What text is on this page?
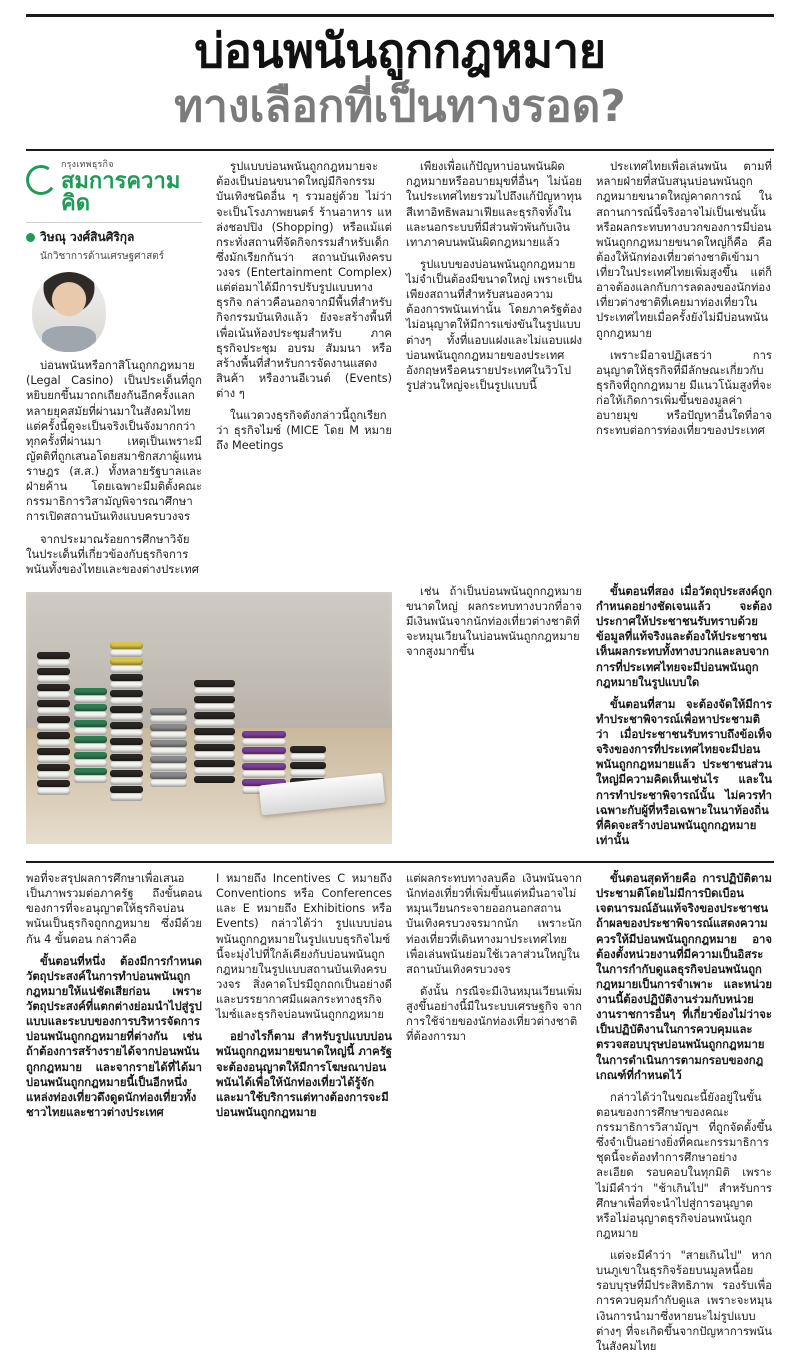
บ่อนพนันถูกกฎหมาย
ทางเลือกที่เป็นทางรอด?
กรุงเทพธุรกิจ
สมการความคิด
วิษณุ วงศ์สินศิริกุล
นักวิชาการด้านเศรษฐศาสตร์

บ่อนพนันหรือกาสิโนถูกกฎหมาย (Legal Casino) เป็นประเด็นที่ถูกหยิบยกขึ้นมาถกเถียงกันอีกครั้งแลกหลายยุคสมัยที่ผ่านมาในสังคมไทย แต่ครั้งนี้ดูจะเป็นจริงเป็นจังมากกว่าทุกครั้งที่ผ่านมา เหตุเป็นเพราะมีญัตติที่ถูกเสนอโดยสมาชิกสภาผู้แทนราษฎร (ส.ส.) ทั้งหลายรัฐบาลและฝ่ายค้าน โดยเฉพาะมีมติตั้งคณะกรรมาธิการวิสามัญพิจารณาศึกษาการเปิดสถานบันเทิงแบบครบวงจร

จากประมาณร้อยการศึกษาวิจัยในประเด็นที่เกี่ยวข้องกับธุรกิจการพนันทั้งของไทยและของต่างประเทศ

รูปแบบบ่อนพนันถูกกฎหมายจะต้องเป็นบ่อนขนาดใหญ่มีกิจกรรมบันเทิงชนิดอื่น ๆ รวมอยู่ด้วย ไม่ว่าจะเป็นโรงภาพยนตร์ ร้านอาหาร แหล่งชอปปิง (Shopping) หรือแม้แต่กระทั่งสถานที่จัดกิจกรรมสำหรับเด็กซึ่งมักเรียกกันว่า สถานบันเทิงครบวงจร (Entertainment Complex) แต่ต่อมาได้มีการปรับรูปแบบทางธุรกิจ กล่าวคือนอกจากมีพื้นที่สำหรับกิจกรรมบันเทิงแล้ว ยังจะสร้างพื้นที่เพื่อเน้นห้องประชุมสำหรับ ภาคธุรกิจประชุม อบรม สัมมนา หรือสร้างพื้นที่สำหรับการจัดงานแสดงสินค้า หรืองานอีเวนต์ (Events) ต่าง ๆ

ในแวดวงธุรกิจดังกล่าวนี้ถูกเรียกว่า ธุรกิจไมซ์ (MICE โดย M หมายถึง Meetings

เพียงเพื่อแก้ปัญหาบ่อนพนันผิดกฎหมายหรืออบายมุขที่อื่นๆ ไม่น้อยในประเทศไทยรวมไปถึงแก้ปัญหาทุนสีเทาอิทธิพลมาเฟียและธุรกิจทั้งในและนอกระบบที่มีส่วนพัวพันกับเงินเทาภาคบนพนันผิดกฎหมายแล้ว

รูปแบบของบ่อนพนันถูกกฎหมายไม่จำเป็นต้องมีขนาดใหญ่ เพราะเป็นเพียงสถานที่สำหรับสนองความต้องการพนันเท่านั้น โดยภาครัฐต้องไม่อนุญาตให้มีการแข่งขันในรูปแบบต่างๆ ทั้งที่แอบแฝงและไม่แอบแฝง บ่อนพนันถูกกฎหมายของประเทศอังกฤษหรือคนรายประเทศในวิวโปรูปส่วนใหญ่จะเป็นรูปแบบนี้

ประเทศไทยเพื่อเล่นพนัน ตามที่หลายฝ่ายที่สนับสนุนบ่อนพนันถูกกฎหมายขนาดใหญ่คาดการณ์ ในสถานการณ์นี้จริงอาจไม่เป็นเช่นนั้น หรือผลกระทบทางบวกของการมีบ่อนพนันถูกกฎหมายขนาดใหญ่ก็คือ คือต้องให้นักท่องเที่ยวต่างชาติเข้ามาเที่ยวในประเทศไทยเพิ่มสูงขึ้น แต่ก็อาจต้องแลกกับการลดลงของนักท่องเที่ยวต่างชาติที่เคยมาท่องเที่ยวในประเทศไทยเมื่อครั้งยังไม่มีบ่อนพนันถูกกฎหมาย

เพราะมีอาจปฏิเสธว่า การอนุญาตให้ธุรกิจที่มีลักษณะเกี่ยวกับธุรกิจที่ถูกกฎหมาย มีแนวโน้มสูงที่จะก่อให้เกิดการเพิ่มขึ้นของมูลค่าอบายมุข หรือปัญหาอื่นใดที่อาจกระทบต่อการท่องเที่ยวของประเทศ

เช่น ถ้าเป็นบ่อนพนันถูกกฎหมายขนาดใหญ่ ผลกระทบทางบวกที่อาจมีเงินพนันจากนักท่องเที่ยวต่างชาติที่จะหมุนเวียนในบ่อนพนันถูกกฎหมายจากสูงมากขึ้น

ขั้นตอนที่สอง เมื่อวัตถุประสงค์ถูกกำหนดอย่างชัดเจนแล้ว จะต้องประกาศให้ประชาชนรับทราบด้วยข้อมูลที่แท้จริงและต้องให้ประชาชนเห็นผลกระทบทั้งทางบวกและลบจากการที่ประเทศไทยจะมีบ่อนพนันถูกกฎหมายในรูปแบบใด

ขั้นตอนที่สาม จะต้องจัดให้มีการทำประชาพิจารณ์เพื่อหาประชามติว่า เมื่อประชาชนรับทราบถึงข้อเท็จจริงของการที่ประเทศไทยจะมีบ่อนพนันถูกกฎหมายแล้ว ประชาชนส่วนใหญ่มีความคิดเห็นเช่นไร และในการทำประชาพิจารณ์นั้น ไม่ควรทำเฉพาะกับผู้ที่หรือเฉพาะในนาท้องถิ่นที่คิดจะสร้างบ่อนพนันถูกกฎหมายเท่านั้น

พอที่จะสรุปผลการศึกษาเพื่อเสนอเป็นภาพรวมต่อภาครัฐ ถึงขั้นตอนของการที่จะอนุญาตให้ธุรกิจบ่อนพนันเป็นธุรกิจถูกกฎหมาย ซึ่งมีด้วยกัน 4 ขั้นตอน กล่าวคือ

ขั้นตอนที่หนึ่ง ต้องมีการกำหนดวัตถุประสงค์ในการทำบ่อนพนันถูกกฎหมายให้แน่ชัดเสียก่อน เพราะวัตถุประสงค์ที่แตกต่างย่อมนำไปสู่รูปแบบและระบบของการบริหารจัดการบ่อนพนันถูกกฎหมายที่ต่างกัน เช่น ถ้าต้องการสร้างรายได้จากบ่อนพนันถูกกฎหมาย และจากรายได้ที่ได้มา บ่อนพนันถูกกฎหมายนี้เป็นอีกหนึ่งแหล่งท่องเที่ยวดึงดูดนักท่องเที่ยวทั้งชาวไทยและชาวต่างประเทศ

I หมายถึง Incentives C หมายถึง Conventions หรือ Conferences และ E หมายถึง Exhibitions หรือ Events) กล่าวได้ว่า รูปแบบบ่อนพนันถูกกฎหมายในรูปแบบธุรกิจไมซ์นี้จะมุ่งไปที่ใกล้เคียงกับบ่อนพนันถูกกฎหมายในรูปแบบสถานบันเทิงครบวงจร สิ่งคาดโปรมีถูกถกเป็นอย่างดีและบรรยากาศมีแผลกระทางธุรกิจไมซ์และธุรกิจบ่อนพนันถูกกฎหมาย

อย่างไรก็ตาม สำหรับรูปแบบบ่อนพนันถูกกฎหมายขนาดใหญ่นี้ ภาครัฐจะต้องอนุญาตให้มีการโฆษณาบ่อนพนันได้เพื่อให้นักท่องเที่ยวได้รู้จักและมาใช้บริการแต่ทางต้องการจะมีบ่อนพนันถูกกฎหมาย

แต่ผลกระทบทางลบคือ เงินพนันจากนักท่องเที่ยวที่เพิ่มขึ้นแต่หมื่นอาจไม่หมุนเวียนกระจายออกนอกสถานบันเทิงครบวงจรมากนัก เพราะนักท่องเที่ยวที่เดินทางมาประเทศไทยเพื่อเล่นพนันย่อมใช้เวลาส่วนใหญ่ในสถานบันเทิงครบวงจร

ดังนั้น กรณีจะมีเงินหมุนเวียนเพิ่มสูงขึ้นอย่างนี้มีในระบบเศรษฐกิจ จากการใช้จ่ายของนักท่องเที่ยวต่างชาติที่ต้องการมา

ขั้นตอนสุดท้ายคือ การปฏิบัติตามประชามติโดยไม่มีการบิดเบือนเจตนารมณ์อันแท้จริงของประชาชน ถ้าผลของประชาพิจารณ์แสดงความควรให้มีบ่อนพนันถูกกฎหมาย อาจต้องตั้งหน่วยงานที่มีความเป็นอิสระในการกำกับดูแลธุรกิจบ่อนพนันถูกกฎหมายเป็นการจำเพาะ และหน่วยงานนี้ต้องปฏิบัติงานร่วมกับหน่วยงานราชการอื่นๆ ที่เกี่ยวข้องไม่ว่าจะเป็นปฏิบัติงานในการควบคุมและตรวจสอบบุรุษบ่อนพนันถูกกฎหมายในการดำเนินการตามกรอบของกฎเกณฑ์ที่กำหนดไว้

กล่าวได้ว่าในขณะนี้ยังอยู่ในขั้นตอนของการศึกษาของคณะกรรมาธิการวิสามัญฯ ที่ถูกจัดตั้งขึ้น ซึ่งจำเป็นอย่างยิ่งที่คณะกรรมาธิการชุดนี้จะต้องทำการศึกษาอย่างละเอียด รอบคอบในทุกมิติ เพราะไม่มีคำว่า "ช้าเกินไป" สำหรับการศึกษาเพื่อที่จะนำไปสู่การอนุญาตหรือไม่อนุญาตธุรกิจบ่อนพนันถูกกฎหมาย

แต่จะมีคำว่า "สายเกินไป" หากบนภูเขาในธุรกิจร้อยบนมูลหนี้อยรอบบุรุษที่มีประสิทธิภาพ รองรับเพื่อการควบคุมกำกับดูแล เพราะจะหมุนเงินการนำมาซึ่งหายนะไม่รูปแบบต่างๆ ที่จะเกิดขึ้นจากปัญหาการพนันในสังคมไทย
